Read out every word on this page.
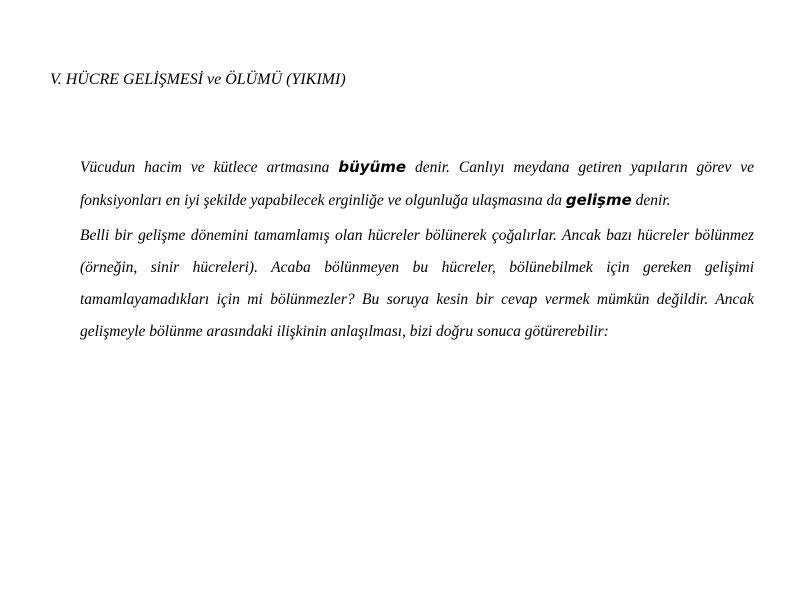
V. HÜCRE GELİŞMESİ ve ÖLÜMÜ (YIKIMI)

Vücudun hacim ve kütlece artmasına büyüme denir. Canlıyı meydana getiren yapıların görev ve fonksiyonları en iyi şekilde yapabilecek erginliğe ve olgunluğa ulaşmasına da gelişme denir.

Belli bir gelişme dönemini tamamlamış olan hücreler bölünerek çoğalırlar. Ancak bazı hücreler bölünmez (örneğin, sinir hücreleri). Acaba bölünmeyen bu hücreler, bölünebilmek için gereken gelişimi tamamlayamadıkları için mi bölünmezler? Bu soruya kesin bir cevap vermek mümkün değildir. Ancak gelişmeyle bölünme arasındaki ilişkinin anlaşılması, bizi doğru sonuca götürerebilir:
